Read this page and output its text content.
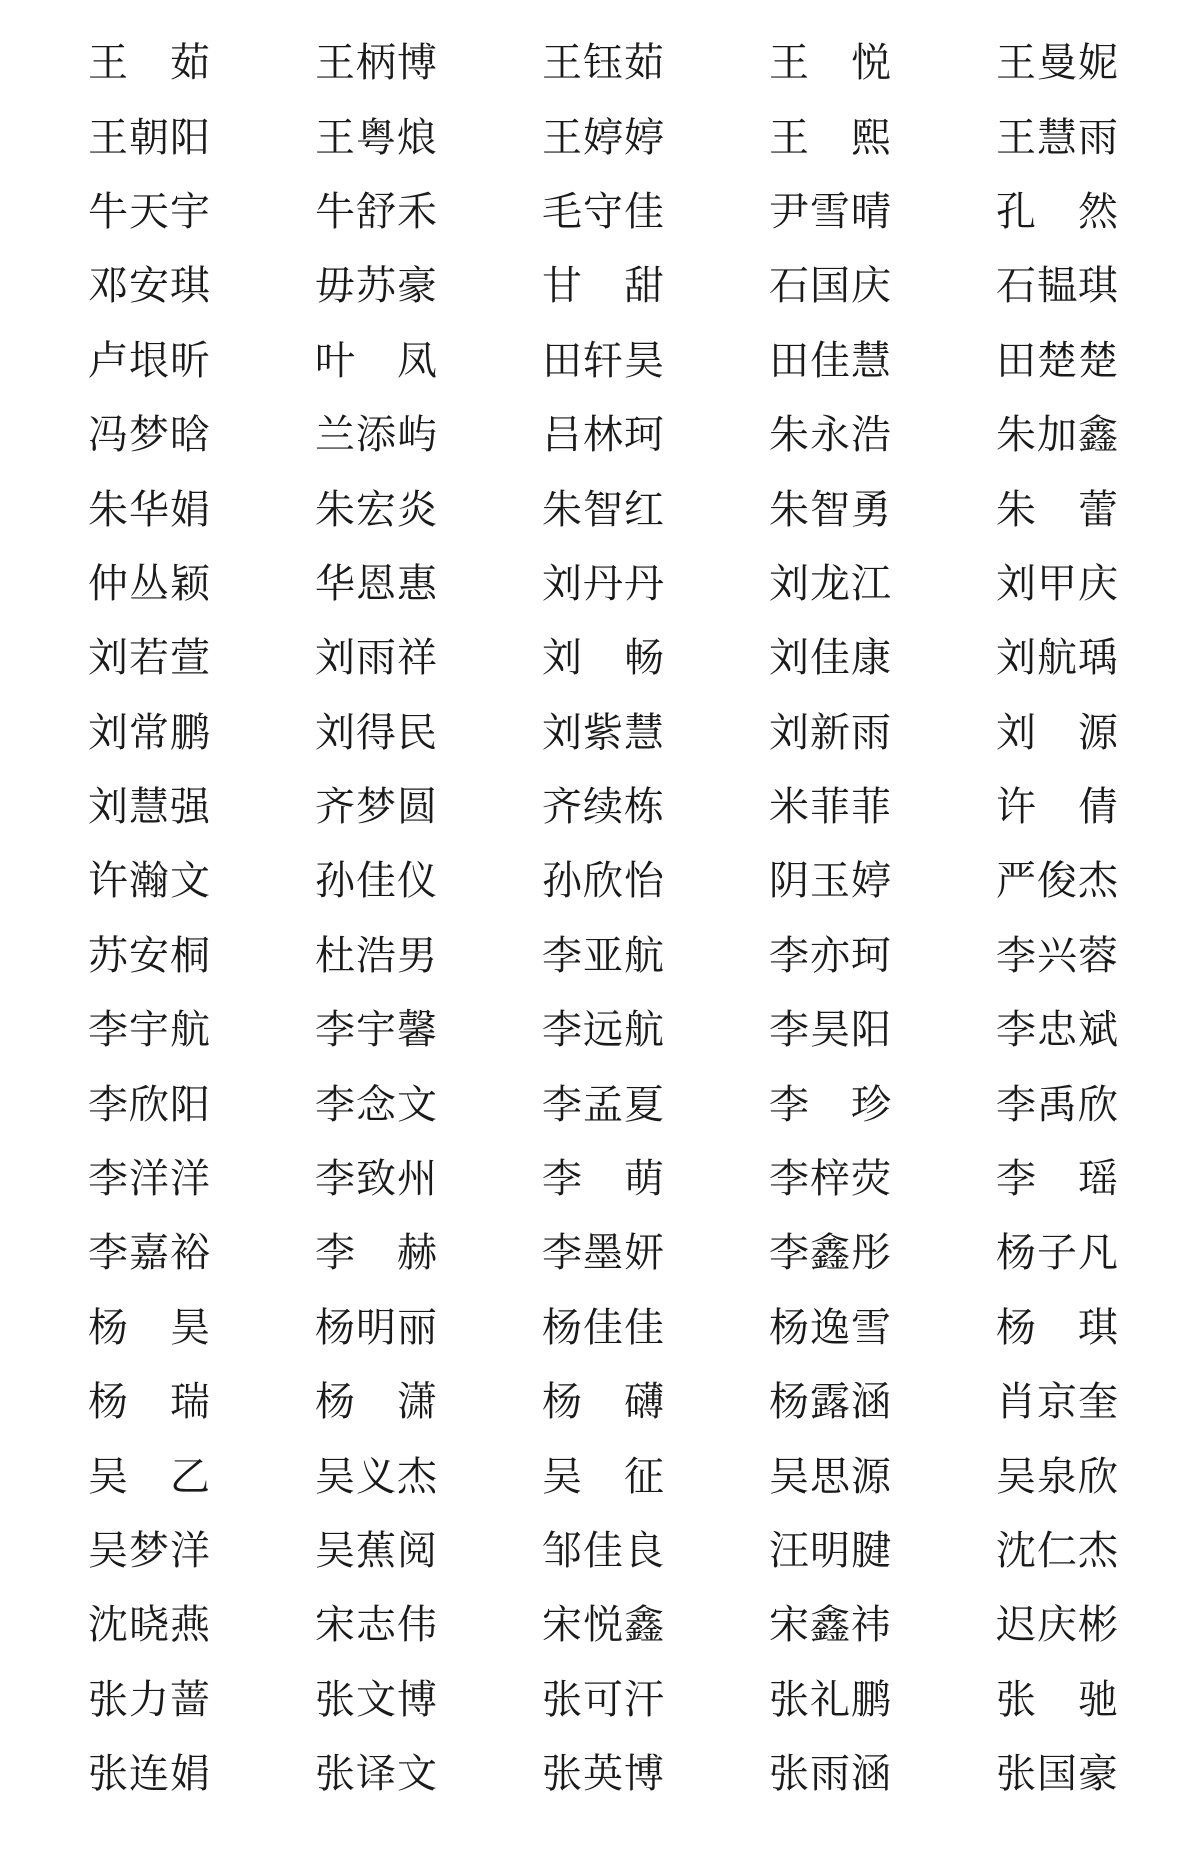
王 茹	王 柄 博	王 钰 茹	王 悦	王 曼 妮
王 朝 阳	王 粤 烺	王 婷 婷	王 熙	王 慧 雨
牛 天 宇	牛 舒 禾	毛 守 佳	尹 雪 晴	孔 然
邓 安 琪	毋 苏 豪	甘 甜	石 国 庆	石 韫 琪
卢 垠 昕	叶 凤	田 轩 昊	田 佳 慧	田 楚 楚
冯 梦 晗	兰 添 屿	吕 林 珂	朱 永 浩	朱 加 鑫
朱 华 娟	朱 宏 炎	朱 智 红	朱 智 勇	朱 蕾
仲 丛 颖	华 恩 惠	刘 丹 丹	刘 龙 江	刘 甲 庆
刘 若 萱	刘 雨 祥	刘 畅	刘 佳 康	刘 航 瑀
刘 常 鹏	刘 得 民	刘 紫 慧	刘 新 雨	刘 源
刘 慧 强	齐 梦 圆	齐 续 栋	米 菲 菲	许 倩
许 瀚 文	孙 佳 仪	孙 欣 怡	阴 玉 婷	严 俊 杰
苏 安 桐	杜 浩 男	李 亚 航	李 亦 珂	李 兴 蓉
李 宇 航	李 宇 馨	李 远 航	李 昊 阳	李 忠 斌
李 欣 阳	李 念 文	李 孟 夏	李 珍	李 禹 欣
李 洋 洋	李 致 州	李 萌	李 梓 荧	李 瑶
李 嘉 裕	李 赫	李 墨 妍	李 鑫 彤	杨 子 凡
杨 昊	杨 明 丽	杨 佳 佳	杨 逸 雪	杨 琪
杨 瑞	杨 潇	杨 礴	杨 露 涵	肖 京 奎
吴 乙	吴 义 杰	吴 征	吴 思 源	吴 泉 欣
吴 梦 洋	吴 蕉 阅	邹 佳 良	汪 明 腱	沈 仁 杰
沈 晓 燕	宋 志 伟	宋 悦 鑫	宋 鑫 祎	迟 庆 彬
张 力 蔷	张 文 博	张 可 汗	张 礼 鹏	张 驰
张 连 娟	张 译 文	张 英 博	张 雨 涵	张 国 豪
